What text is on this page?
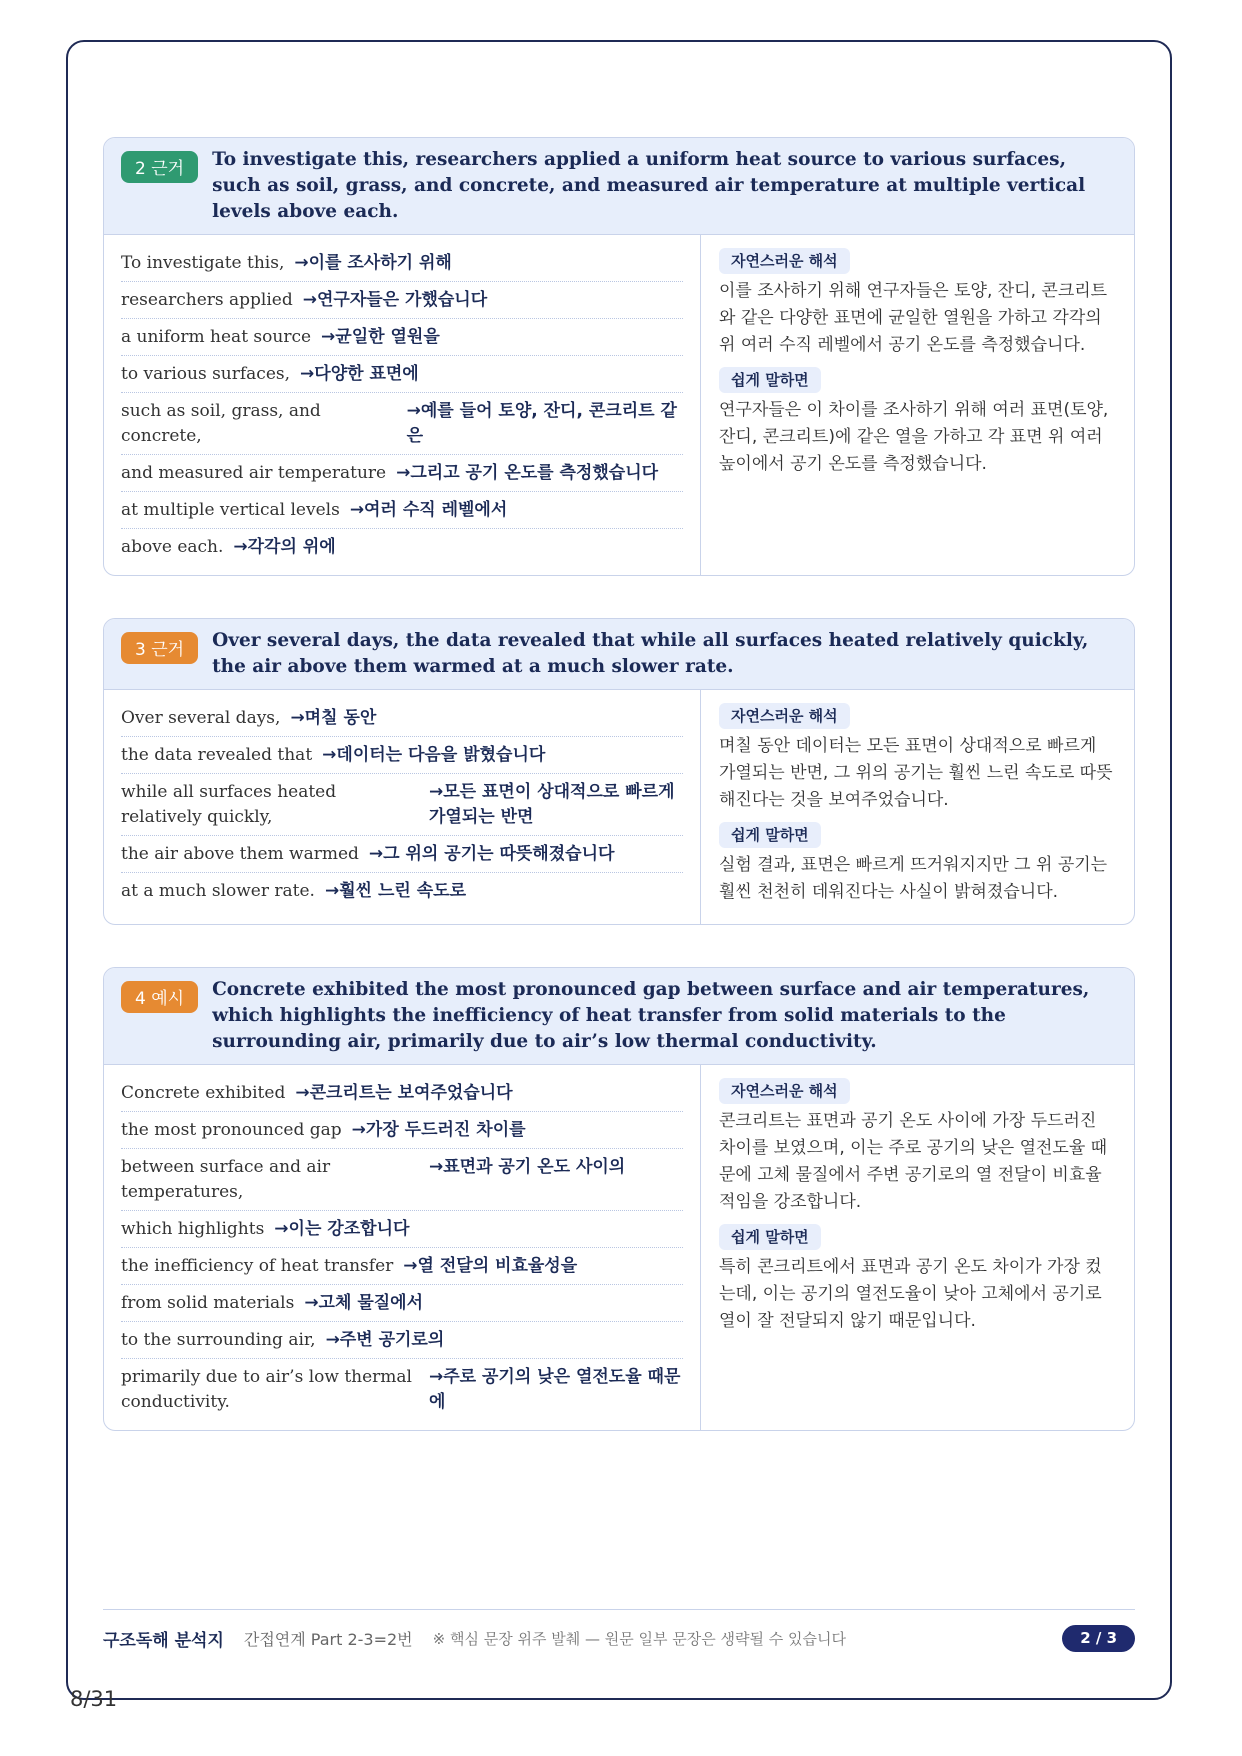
2 근거	To investigate this, researchers applied a uniform heat source to various surfaces, such as soil, grass, and concrete, and measured air temperature at multiple vertical levels above each.
To investigate this, →이를 조사하기 위해
researchers applied →연구자들은 가했습니다
a uniform heat source →균일한 열원을
to various surfaces, →다양한 표면에
such as soil, grass, and concrete,
→예를 들어 토양, 잔디, 콘크리트 같은
and measured air temperature →그리고 공기 온도를 측정했습니다
at multiple vertical levels →여러 수직 레벨에서
above each. →각각의 위에
자연스러운 해석

이를 조사하기 위해 연구자들은 토양, 잔디, 콘크리트와 같은 다양한 표면에 균일한 열원을 가하고 각각의 위 여러 수직 레벨에서 공기 온도를 측정했습니다.

쉽게 말하면

연구자들은 이 차이를 조사하기 위해 여러 표면(토양, 잔디, 콘크리트)에 같은 열을 가하고 각 표면 위 여러 높이에서 공기 온도를 측정했습니다.

3 근거	Over several days, the data revealed that while all surfaces heated relatively quickly, the air above them warmed at a much slower rate.
Over several days, →며칠 동안
the data revealed that →데이터는 다음을 밝혔습니다
while all surfaces heated relatively quickly,
→모든 표면이 상대적으로 빠르게 가열되는 반면
the air above them warmed →그 위의 공기는 따뜻해졌습니다
at a much slower rate. →훨씬 느린 속도로
자연스러운 해석

며칠 동안 데이터는 모든 표면이 상대적으로 빠르게 가열되는 반면, 그 위의 공기는 훨씬 느린 속도로 따뜻해진다는 것을 보여주었습니다.

쉽게 말하면

실험 결과, 표면은 빠르게 뜨거워지지만 그 위 공기는 훨씬 천천히 데워진다는 사실이 밝혀졌습니다.

4 예시	Concrete exhibited the most pronounced gap between surface and air temperatures, which highlights the inefficiency of heat transfer from solid materials to the surrounding air, primarily due to air’s low thermal conductivity.
Concrete exhibited →콘크리트는 보여주었습니다
the most pronounced gap →가장 두드러진 차이를
between surface and air temperatures,
→표면과 공기 온도 사이의
which highlights →이는 강조합니다
the inefficiency of heat transfer →열 전달의 비효율성을
from solid materials →고체 물질에서
to the surrounding air, →주변 공기로의
primarily due to air’s low thermal conductivity.
→주로 공기의 낮은 열전도율 때문에
자연스러운 해석

콘크리트는 표면과 공기 온도 사이에 가장 두드러진 차이를 보였으며, 이는 주로 공기의 낮은 열전도율 때문에 고체 물질에서 주변 공기로의 열 전달이 비효율적임을 강조합니다.

쉽게 말하면

특히 콘크리트에서 표면과 공기 온도 차이가 가장 컸는데, 이는 공기의 열전도율이 낮아 고체에서 공기로 열이 잘 전달되지 않기 때문입니다.

구조독해 분석지 간접연계 Part 2-3=2번 ※ 핵심 문장 위주 발췌 — 원문 일부 문장은 생략될 수 있습니다	2 / 3
8/31
